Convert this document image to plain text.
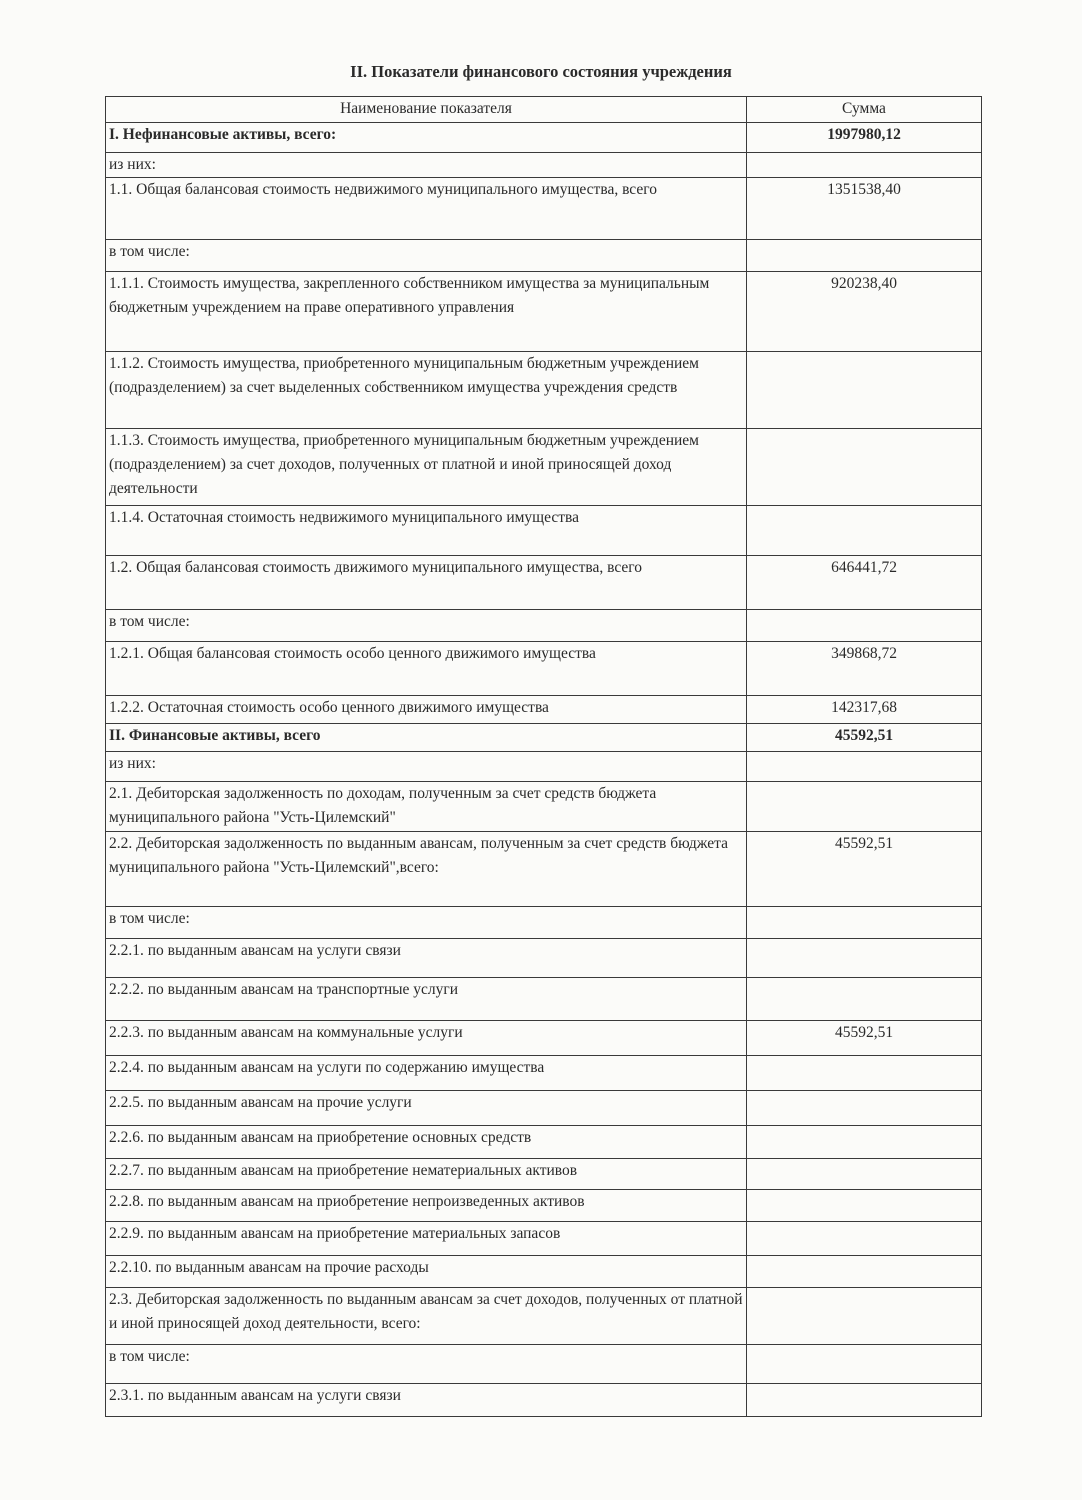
II. Показатели финансового состояния учреждения
Наименование показателя	Сумма
I. Нефинансовые активы, всего:	1997980,12
из них:	
1.1. Общая балансовая стоимость недвижимого муниципального имущества, всего	1351538,40
в том числе:	
1.1.1. Стоимость имущества, закрепленного собственником имущества за муниципальным бюджетным учреждением на праве оперативного управления	920238,40
1.1.2. Стоимость имущества, приобретенного муниципальным бюджетным учреждением (подразделением) за счет выделенных собственником имущества учреждения средств	
1.1.3. Стоимость имущества, приобретенного муниципальным бюджетным учреждением (подразделением) за счет доходов, полученных от платной и иной приносящей доход деятельности	
1.1.4. Остаточная стоимость недвижимого муниципального имущества	
1.2. Общая балансовая стоимость движимого муниципального имущества, всего	646441,72
в том числе:	
1.2.1. Общая балансовая стоимость особо ценного движимого имущества	349868,72
1.2.2. Остаточная стоимость особо ценного движимого имущества	142317,68
II. Финансовые активы, всего	45592,51
из них:	
2.1. Дебиторская задолженность по доходам, полученным за счет средств бюджета муниципального района "Усть-Цилемский"	
2.2. Дебиторская задолженность по выданным авансам, полученным за счет средств бюджета муниципального района "Усть-Цилемский",всего:	45592,51
в том числе:	
2.2.1. по выданным авансам на услуги связи	
2.2.2. по выданным авансам на транспортные услуги	
2.2.3. по выданным авансам на коммунальные услуги	45592,51
2.2.4. по выданным авансам на услуги по содержанию имущества	
2.2.5. по выданным авансам на прочие услуги	
2.2.6. по выданным авансам на приобретение основных средств	
2.2.7. по выданным авансам на приобретение нематериальных активов	
2.2.8. по выданным авансам на приобретение непроизведенных активов	
2.2.9. по выданным авансам на приобретение материальных запасов	
2.2.10. по выданным авансам на прочие расходы	
2.3. Дебиторская задолженность по выданным авансам за счет доходов, полученных от платной и иной приносящей доход деятельности, всего:	
в том числе:	
2.3.1. по выданным авансам на услуги связи	
